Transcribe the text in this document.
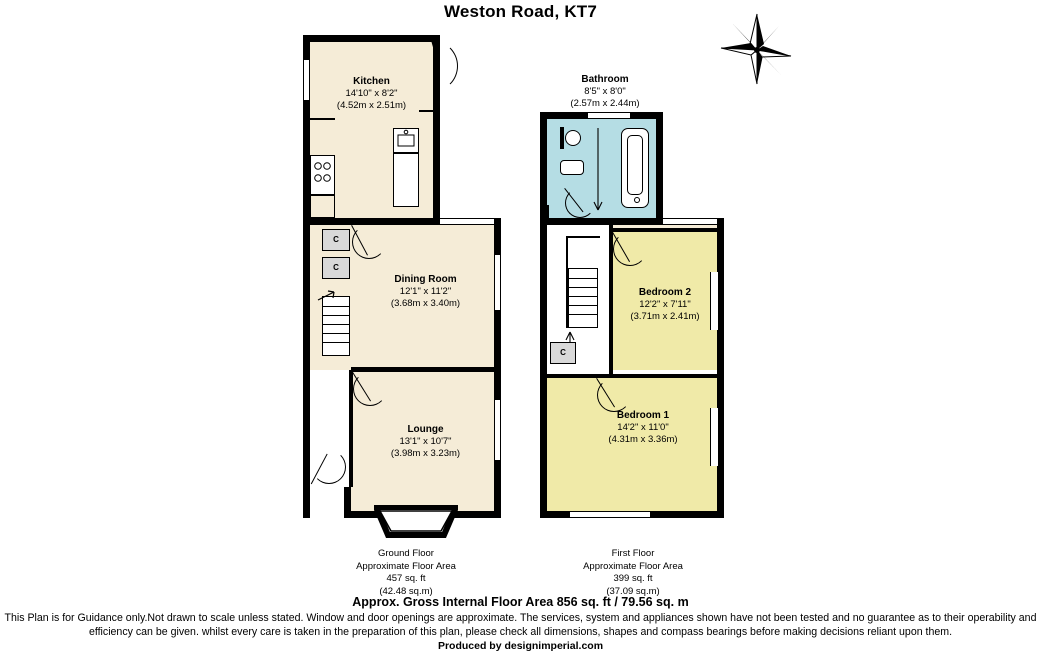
Weston Road, KT7
C
C
Kitchen
14'10" x 8'2"
(4.52m x 2.51m)
Dining Room
12'1" x 11'2"
(3.68m x 3.40m)
Lounge
13'1" x 10'7"
(3.98m x 3.23m)
C
Bathroom
8'5" x 8'0"
(2.57m x 2.44m)
Bedroom 2
12'2" x 7'11"
(3.71m x 2.41m)
Bedroom 1
14'2" x 11'0"
(4.31m x 3.36m)
Ground Floor
Approximate Floor Area
457 sq. ft
(42.48 sq.m)
First Floor
Approximate Floor Area
399 sq. ft
(37.09 sq.m)
Approx. Gross Internal Floor Area 856 sq. ft / 79.56 sq. m
This Plan is for Guidance only.Not drawn to scale unless stated. Window and door openings are approximate. The services, system and appliances shown have not been tested and no guarantee as to their operability and efficiency can be given. whilst every care is taken in the preparation of this plan, please check all dimensions, shapes and compass bearings before making decisions reliant upon them.
Produced by designimperial.com
